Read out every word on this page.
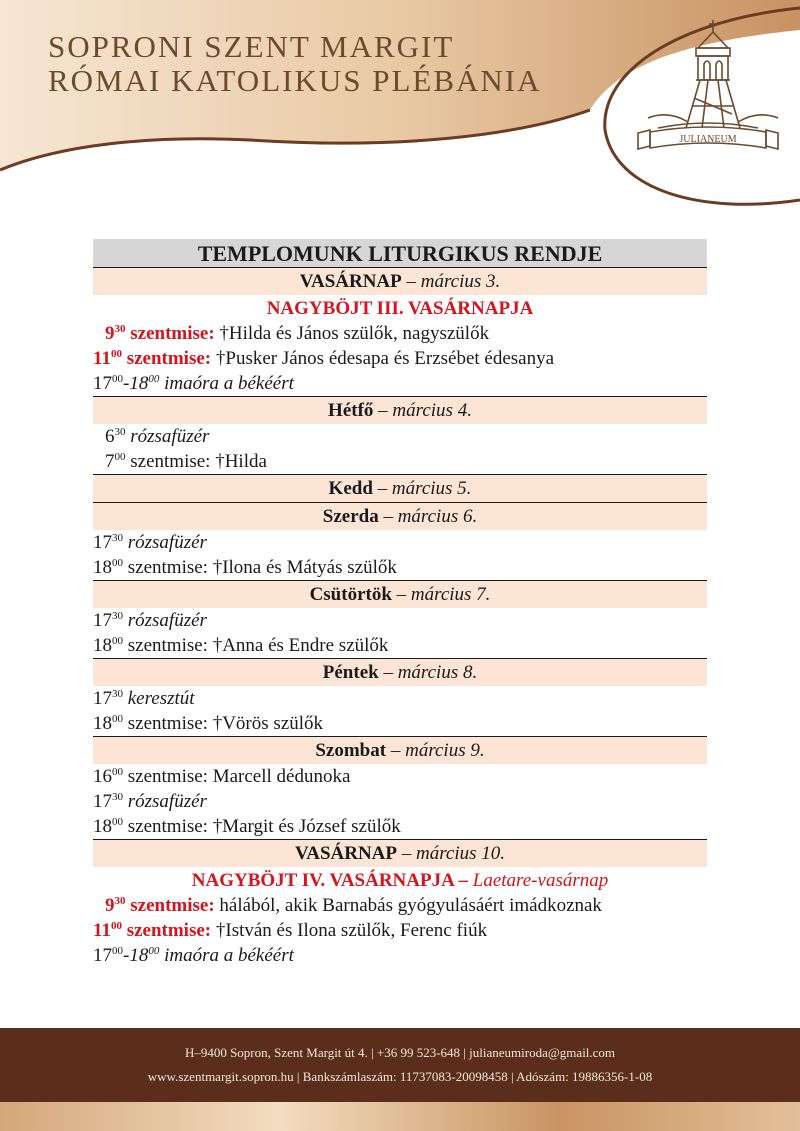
SOPRONI SZENT MARGIT
RÓMAI KATOLIKUS PLÉBÁNIA
JULIANEUM
TEMPLOMUNK LITURGIKUS RENDJE
VASÁRNAP – március 3.
NAGYBÖJT III. VASÁRNAPJA
$9^{30}$ szentmise: †Hilda és János szülők, nagyszülők
$11^{00}$ szentmise: †Pusker János édesapa és Erzsébet édesanya
$17^{00}-18^{00}$ imaóra a békéért
Hétfő – március 4.
$6^{30}$ rózsafüzér
$7^{00}$ szentmise: †Hilda
Kedd – március 5.
Szerda – március 6.
$17^{30}$ rózsafüzér
$18^{00}$ szentmise: †Ilona és Mátyás szülők
Csütörtök – március 7.
$17^{30}$ rózsafüzér
$18^{00}$ szentmise: †Anna és Endre szülők
Péntek – március 8.
$17^{30}$ keresztút
$18^{00}$ szentmise: †Vörös szülők
Szombat – március 9.
$16^{00}$ szentmise: Marcell dédunoka
$17^{30}$ rózsafüzér
$18^{00}$ szentmise: †Margit és József szülők
VASÁRNAP – március 10.
NAGYBÖJT IV. VASÁRNAPJA – Laetare-vasárnap
$9^{30}$ szentmise: hálából, akik Barnabás gyógyulásáért imádkoznak
$11^{00}$ szentmise: †István és Ilona szülők, Ferenc fiúk
$17^{00}-18^{00}$ imaóra a békéért
H–9400 Sopron, Szent Margit út 4. | +36 99 523-648 | julianeumiroda@gmail.com
www.szentmargit.sopron.hu | Bankszámlaszám: 11737083-20098458 | Adószám: 19886356-1-08
